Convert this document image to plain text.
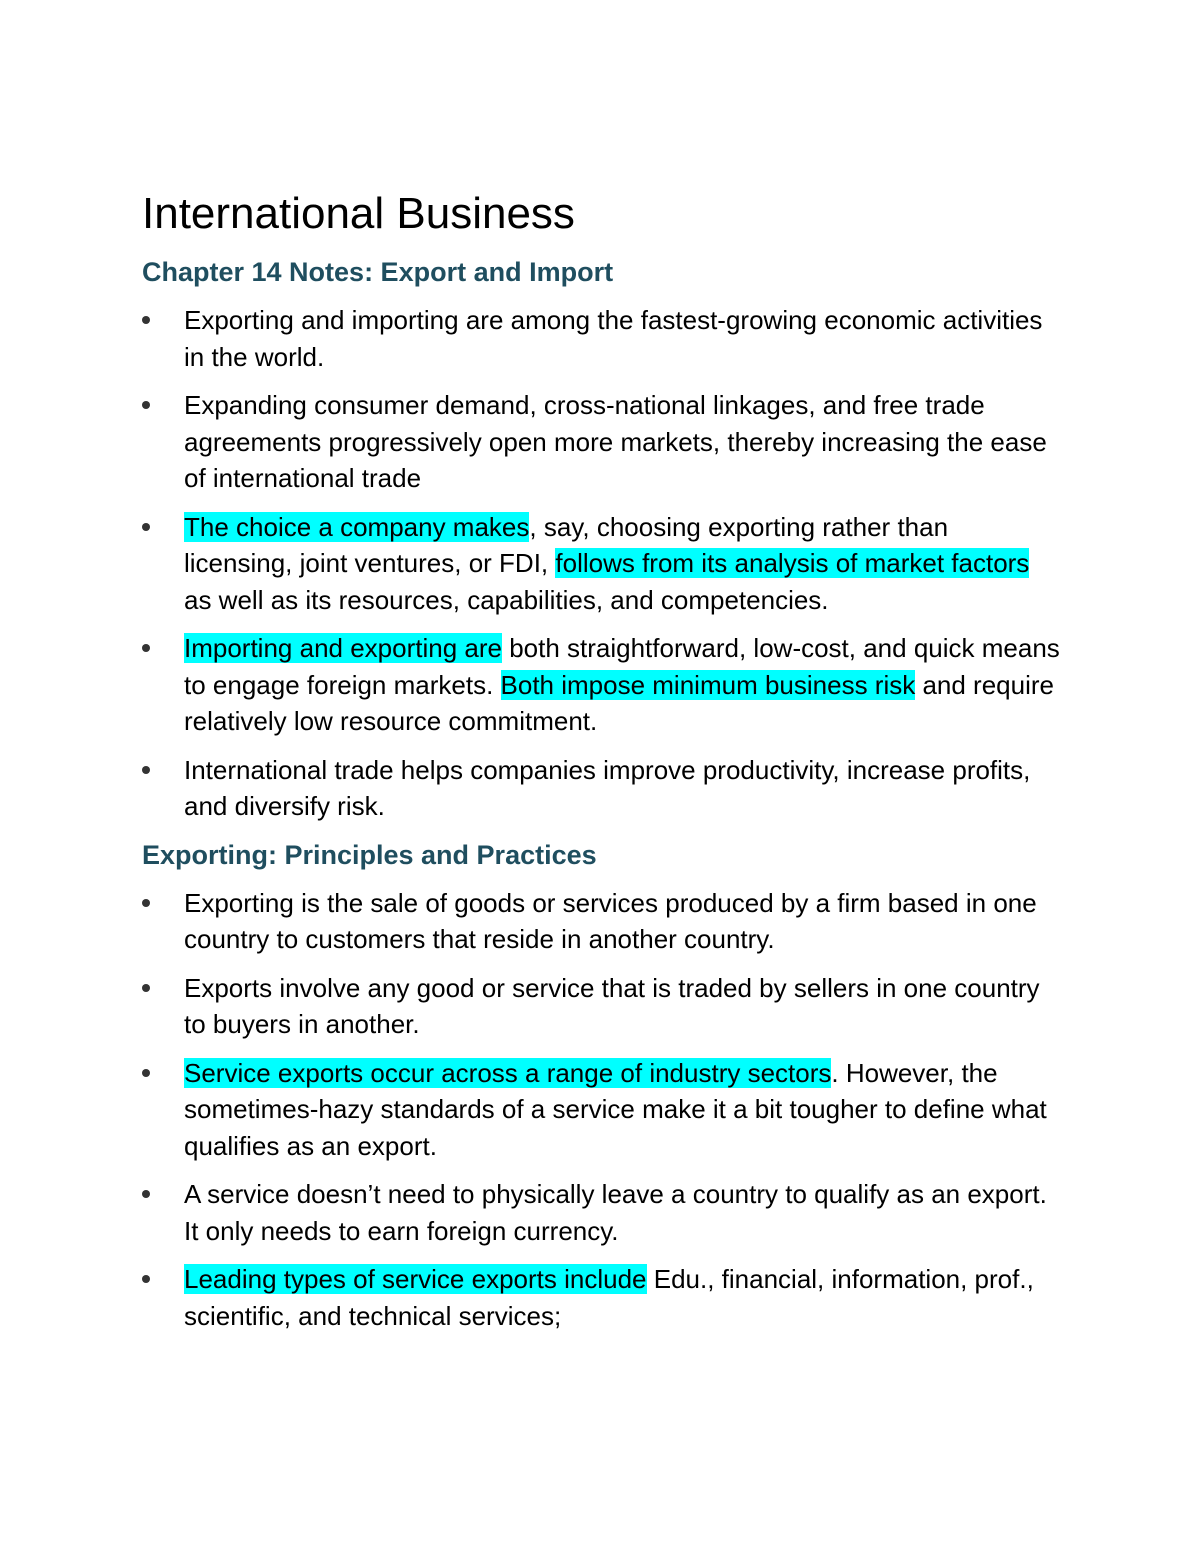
International Business
Chapter 14 Notes: Export and Import
Exporting and importing are among the fastest-growing economic activities in the world.
Expanding consumer demand, cross-national linkages, and free trade agreements progressively open more markets, thereby increasing the ease of international trade
The choice a company makes, say, choosing exporting rather than licensing, joint ventures, or FDI, follows from its analysis of market factors as well as its resources, capabilities, and competencies.
Importing and exporting are both straightforward, low-cost, and quick means to engage foreign markets. Both impose minimum business risk and require relatively low resource commitment.
International trade helps companies improve productivity, increase profits, and diversify risk.
Exporting: Principles and Practices
Exporting is the sale of goods or services produced by a firm based in one country to customers that reside in another country.
Exports involve any good or service that is traded by sellers in one country to buyers in another.
Service exports occur across a range of industry sectors. However, the sometimes-hazy standards of a service make it a bit tougher to define what qualifies as an export.
A service doesn’t need to physically leave a country to qualify as an export. It only needs to earn foreign currency.
Leading types of service exports include Edu., financial, information, prof., scientific, and technical services;
